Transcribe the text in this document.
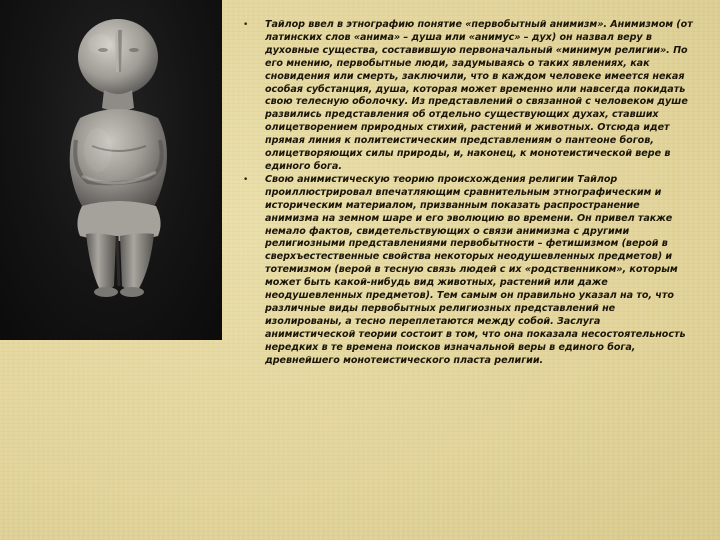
• Тайлор ввел в этнографию понятие «первобытный анимизм». Анимизмом (от латинских слов «анима» – душа или «анимус» – дух) он назвал веру в духовные существа, составившую первоначальный «минимум религии». По его мнению, первобытные люди, задумываясь о таких явлениях, как сновидения или смерть, заключили, что в каждом человеке имеется некая особая субстанция, душа, которая может временно или навсегда покидать свою телесную оболочку. Из представлений о связанной с человеком душе развились представления об отдельно существующих духах, ставших олицетворением природных стихий, растений и животных. Отсюда идет прямая линия к политеистическим представлениям о пантеоне богов, олицетворяющих силы природы, и, наконец, к монотеистической вере в единого бога.

• Свою анимистическую теорию происхождения религии Тайлор проиллюстрировал впечатляющим сравнительным этнографическим и историческим материалом, призванным показать распространение анимизма на земном шаре и его эволюцию во времени. Он привел также немало фактов, свидетельствующих о связи анимизма с другими религиозными представлениями первобытности – фетишизмом (верой в сверхъестественные свойства некоторых неодушевленных предметов) и тотемизмом (верой в тесную связь людей с их «родственником», которым может быть какой-нибудь вид животных, растений или даже неодушевленных предметов). Тем самым он правильно указал на то, что различные виды первобытных религиозных представлений не изолированы, а тесно переплетаются между собой. Заслуга анимистической теории состоит в том, что она показала несостоятельность нередких в те времена поисков изначальной веры в единого бога, древнейшего монотеистического пласта религии.
